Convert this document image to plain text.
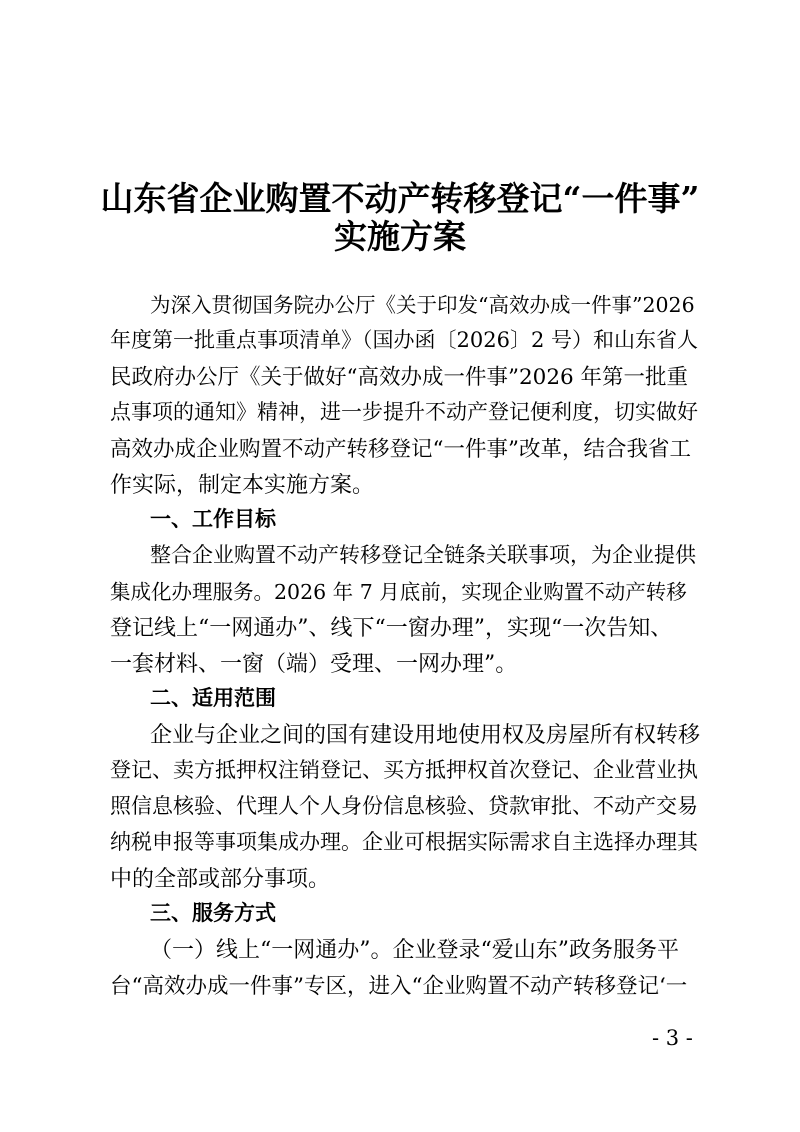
山东省企业购置不动产转移登记“一件事”
实施方案
为深入贯彻国务院办公厅《关于印发“高效办成一件事”2026
年度第一批重点事项清单》（国办函〔2026〕2 号）和山东省人
民政府办公厅《关于做好“高效办成一件事”2026 年第一批重
点事项的通知》精神，进一步提升不动产登记便利度，切实做好
高效办成企业购置不动产转移登记“一件事”改革，结合我省工
作实际，制定本实施方案。
一、工作目标
整合企业购置不动产转移登记全链条关联事项，为企业提供
集成化办理服务。2026 年 7 月底前，实现企业购置不动产转移
登记线上“一网通办”、线下“一窗办理”，实现“一次告知、
一套材料、一窗（端）受理、一网办理”。
二、适用范围
企业与企业之间的国有建设用地使用权及房屋所有权转移
登记、卖方抵押权注销登记、买方抵押权首次登记、企业营业执
照信息核验、代理人个人身份信息核验、贷款审批、不动产交易
纳税申报等事项集成办理。企业可根据实际需求自主选择办理其
中的全部或部分事项。
三、服务方式
（一）线上“一网通办”。企业登录“爱山东”政务服务平
台“高效办成一件事”专区，进入“企业购置不动产转移登记‘一
- 3 -
